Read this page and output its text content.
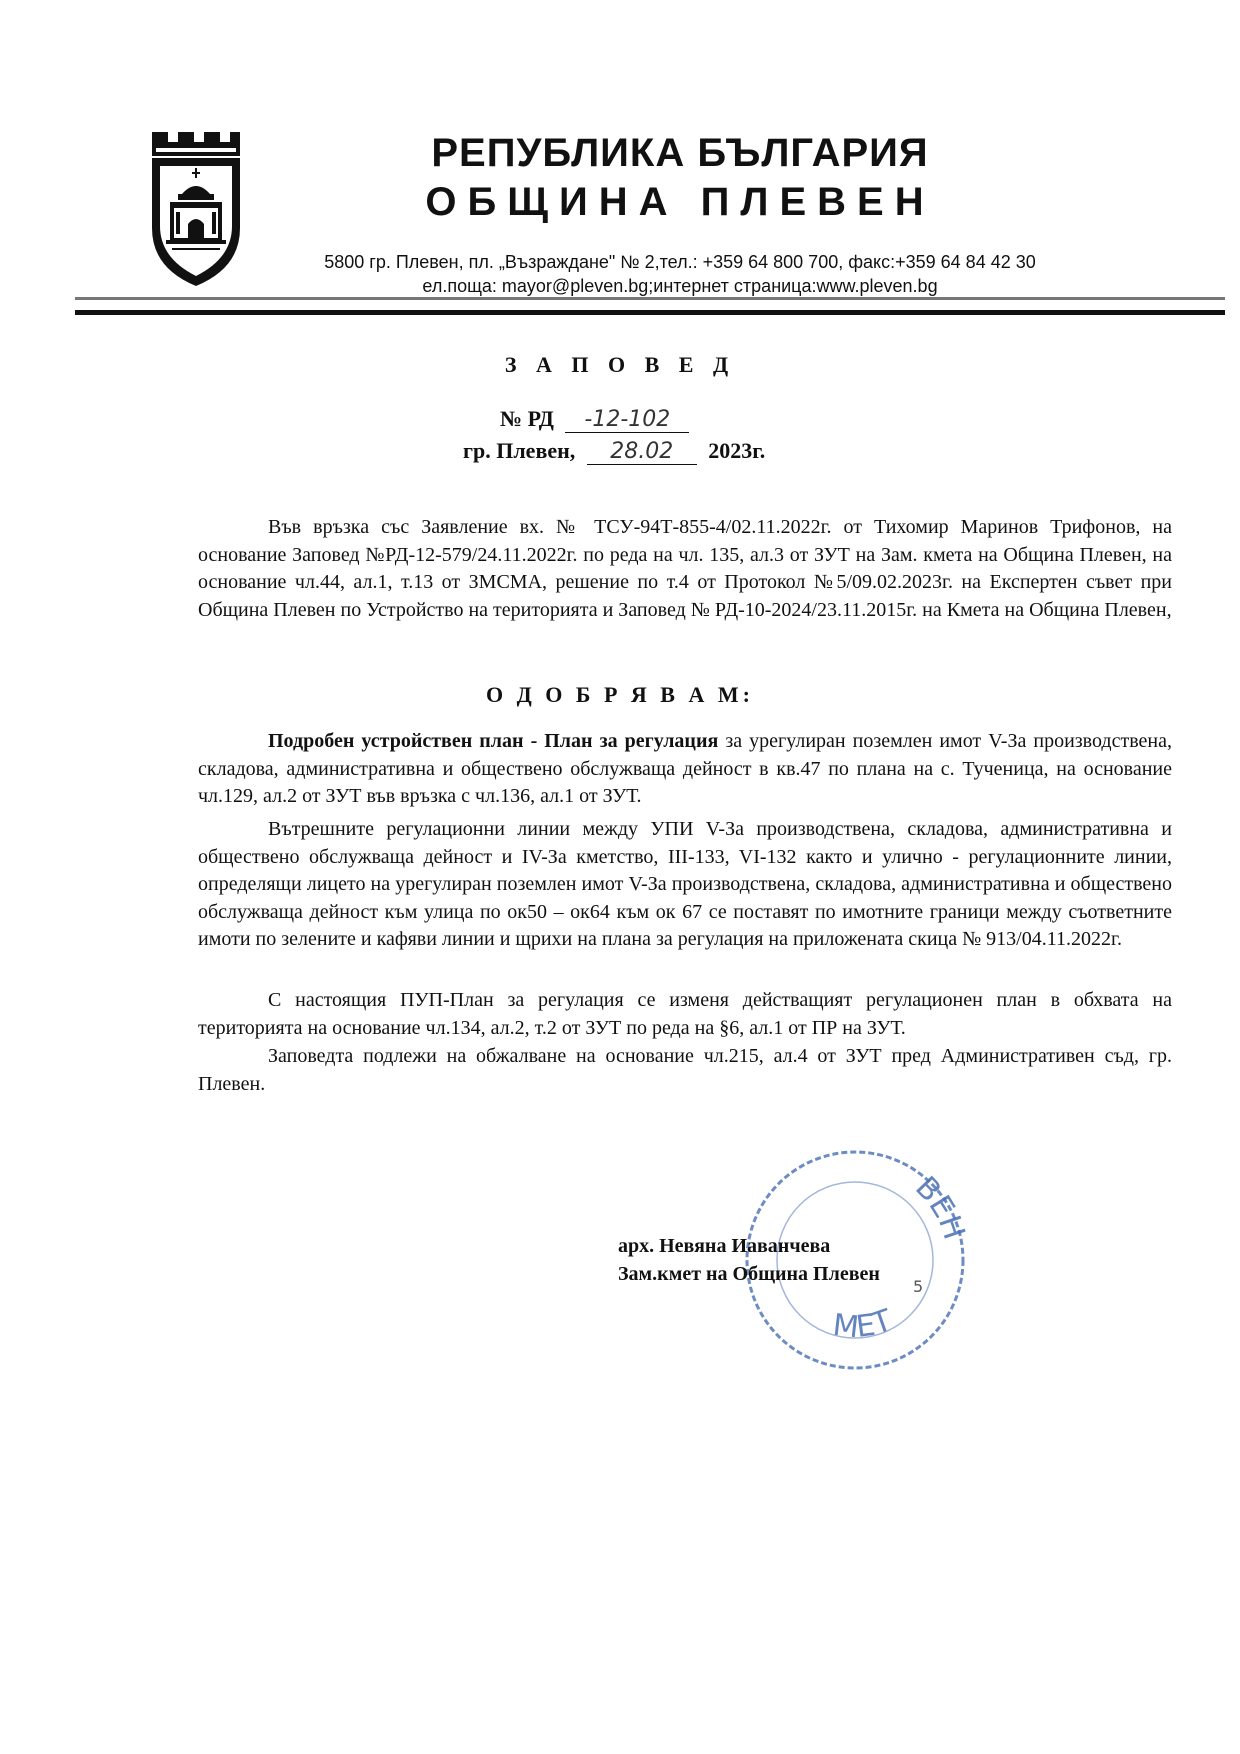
РЕПУБЛИКА БЪЛГАРИЯ
ОБЩИНА ПЛЕВЕН
5800 гр. Плевен, пл. „Възраждане" № 2,тел.: +359 64 800 700, факс:+359 64 84 42 30
ел.поща: mayor@pleven.bg;интернет страница:www.pleven.bg
З А П О В Е Д
№ РД -12-102
гр. Плевен, 28.02 2023г.
Във връзка със Заявление вх. № ТСУ-94Т-855-4/02.11.2022г. от Тихомир Маринов Трифонов, на основание Заповед №РД-12-579/24.11.2022г. по реда на чл. 135, ал.3 от ЗУТ на Зам. кмета на Община Плевен, на основание чл.44, ал.1, т.13 от ЗМСМА, решение по т.4 от Протокол №5/09.02.2023г. на Експертен съвет при Община Плевен по Устройство на територията и Заповед № РД-10-2024/23.11.2015г. на Кмета на Община Плевен,
О Д О Б Р Я В А М:
Подробен устройствен план - План за регулация за урегулиран поземлен имот V-За производствена, складова, административна и обществено обслужваща дейност в кв.47 по плана на с. Тученица, на основание чл.129, ал.2 от ЗУТ във връзка с чл.136, ал.1 от ЗУТ.
Вътрешните регулационни линии между УПИ V-За производствена, складова, административна и обществено обслужваща дейност и IV-За кметство, III-133, VI-132 както и улично - регулационните линии, определящи лицето на урегулиран поземлен имот V-За производствена, складова, административна и обществено обслужваща дейност към улица по ок50 – ок64 към ок 67 се поставят по имотните граници между съответните имоти по зелените и кафяви линии и щрихи на плана за регулация на приложената скица № 913/04.11.2022г.
С настоящия ПУП-План за регулация се изменя действащият регулационен план в обхвата на територията на основание чл.134, ал.2, т.2 от ЗУТ по реда на §6, ал.1 от ПР на ЗУТ.
Заповедта подлежи на обжалване на основание чл.215, ал.4 от ЗУТ пред Административен съд, гр. Плевен.
ВЕН
МЕТ
5
арх. Невяна Иаванчева
Зам.кмет на Община Плевен
